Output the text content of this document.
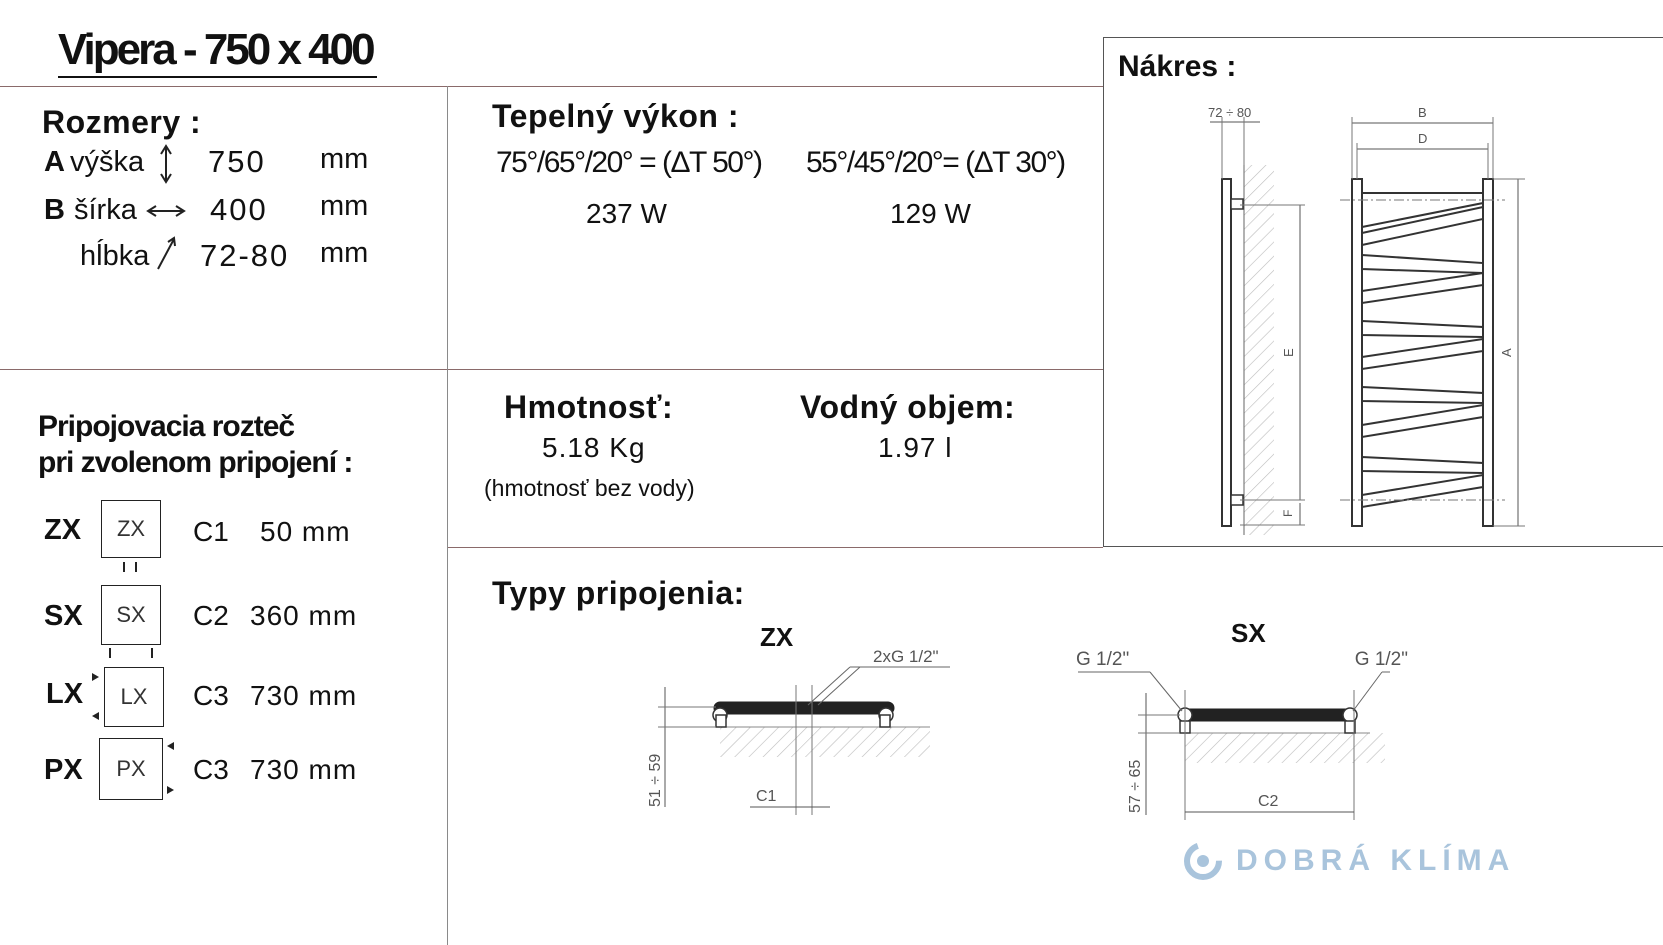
Vipera - 750 x 400
Rozmery :
A výška 750 mm
B šírka 400 mm
hĺbka 72-80 mm
Tepelný výkon :
75°/65°/20° = (ΔT 50°)
237 W
55°/45°/20°= (ΔT 30°)
129 W
Hmotnosť:
5.18 Kg
(hmotnosť bez vody)
Vodný objem:
1.97 l
Pripojovacia rozteč
pri zvolenom pripojení :
ZX	ZX	C1 50 mm
SX	SX	C2 360 mm
LX	LX	C3 730 mm
PX	PX	C3 730 mm
Nákres :
72 ÷ 80
E
F
B
D
A
Typy pripojenia:
ZX	SX
2xG 1/2"
51 ÷ 59	C1
G 1/2"	G 1/2"
57 ÷ 65	C2
DOBRÁ KLÍMA
